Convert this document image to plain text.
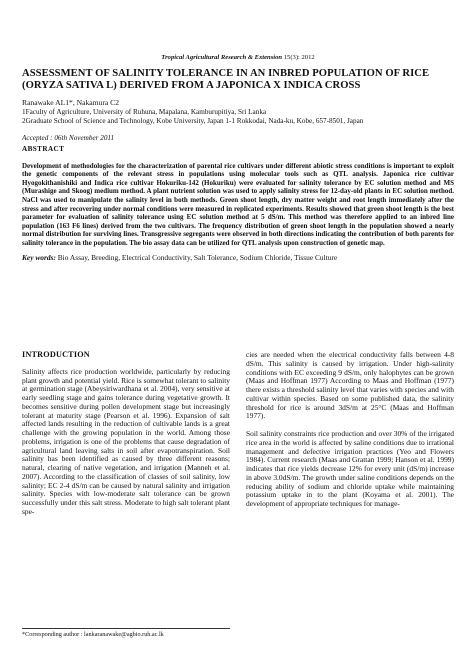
Tropical Agricultural Research & Extension 15(3): 2012
ASSESSMENT OF SALINITY TOLERANCE IN AN INBRED POPULATION OF RICE (ORYZA SATIVA L) DERIVED FROM A JAPONICA X INDICA CROSS
Ranawake AL1*, Nakamura C2
1Faculty of Agriculture, University of Ruhuna, Mapalana, Kamburupitiya, Sri Lanka
2Graduate School of Science and Technology, Kobe University, Japan 1-1 Rokkodai, Nada-ku, Kobe, 657-8501, Japan
Accepted : 06th November 2011
ABSTRACT
Development of methodologies for the characterization of parental rice cultivars under different abiotic stress conditions is important to exploit the genetic components of the relevant stress in populations using molecular tools such as QTL analysis. Japonica rice cultivar Hyogokithanishiki and Indica rice cultivar Hokuriku-142 (Hokuriku) were evaluated for salinity tolerance by EC solution method and MS (Murashige and Skoog) medium method. A plant nutrient solution was used to apply salinity stress for 12-day-old plants in EC solution method. NaCl was used to manipulate the salinity level in both methods. Green shoot length, dry matter weight and root length immediately after the stress and after recovering under normal conditions were measured in replicated experiments. Results showed that green shoot length is the best parameter for evaluation of salinity tolerance using EC solution method at 5 dS/m. This method was therefore applied to an inbred line population (163 F6 lines) derived from the two cultivars. The frequency distribution of green shoot length in the population showed a nearly normal distribution for surviving lines. Transgressive segregants were observed in both directions indicating the contribution of both parents for salinity tolerance in the population. The bio assay data can be utilized for QTL analysis upon construction of genetic map.
Key words: Bio Assay, Breeding, Electrical Conductivity, Salt Tolerance, Sodium Chloride, Tissue Culture
INTRODUCTION
Salinity affects rice production worldwide, particularly by reducing plant growth and potential yield. Rice is somewhat tolerant to salinity at germination stage (Abeysiriwardhana et al. 2004), very sensitive at early seedling stage and gains tolerance during vegetative growth. It becomes sensitive during pollen development stage but increasingly tolerant at maturity stage (Pearson et al. 1996). Expansion of salt affected lands resulting in the reduction of cultivable lands is a great challenge with the growing population in the world. Among those problems, irrigation is one of the problems that cause degradation of agricultural land leaving salts in soil after evapotranspiration. Soil salinity has been identified as caused by three different reasons; natural, clearing of native vegetation, and irrigation (Manneh et al. 2007). According to the classification of classes of soil salinity, low salinity; EC 2-4 dS/m can be caused by natural salinity and irrigation salinity. Species with low-moderate salt tolerance can be grown successfully under this salt stress. Moderate to high salt tolerant plant spe-
cies are needed when the electrical conductivity falls between 4-8 dS/m. This salinity is caused by irrigation. Under high-salinity conditions with EC exceeding 9 dS/m, only halophytes can be grown (Maas and Hoffman 1977) According to Maas and Hoffman (1977) there exists a threshold salinity level that varies with species and with cultivar within species. Based on some published data, the salinity threshold for rice is around 3dS/m at 25°C (Maas and Hoffman 1977).
Soil salinity constraints rice production and over 30% of the irrigated rice area in the world is affected by saline conditions due to irrational management and defective irrigation practices (Yeo and Flowers 1984). Current research (Maas and Grattan 1999; Hanson et al. 1999) indicates that rice yields decrease 12% for every unit (dS/m) increase in above 3.0dS/m. The growth under saline conditions depends on the reducing ability of sodium and chloride uptake while maintaining potassium uptake in to the plant (Koyama et al. 2001). The development of appropriate techniques for manage-
*Corresponding author : lankaranawake@agbio.ruh.ac.lk
